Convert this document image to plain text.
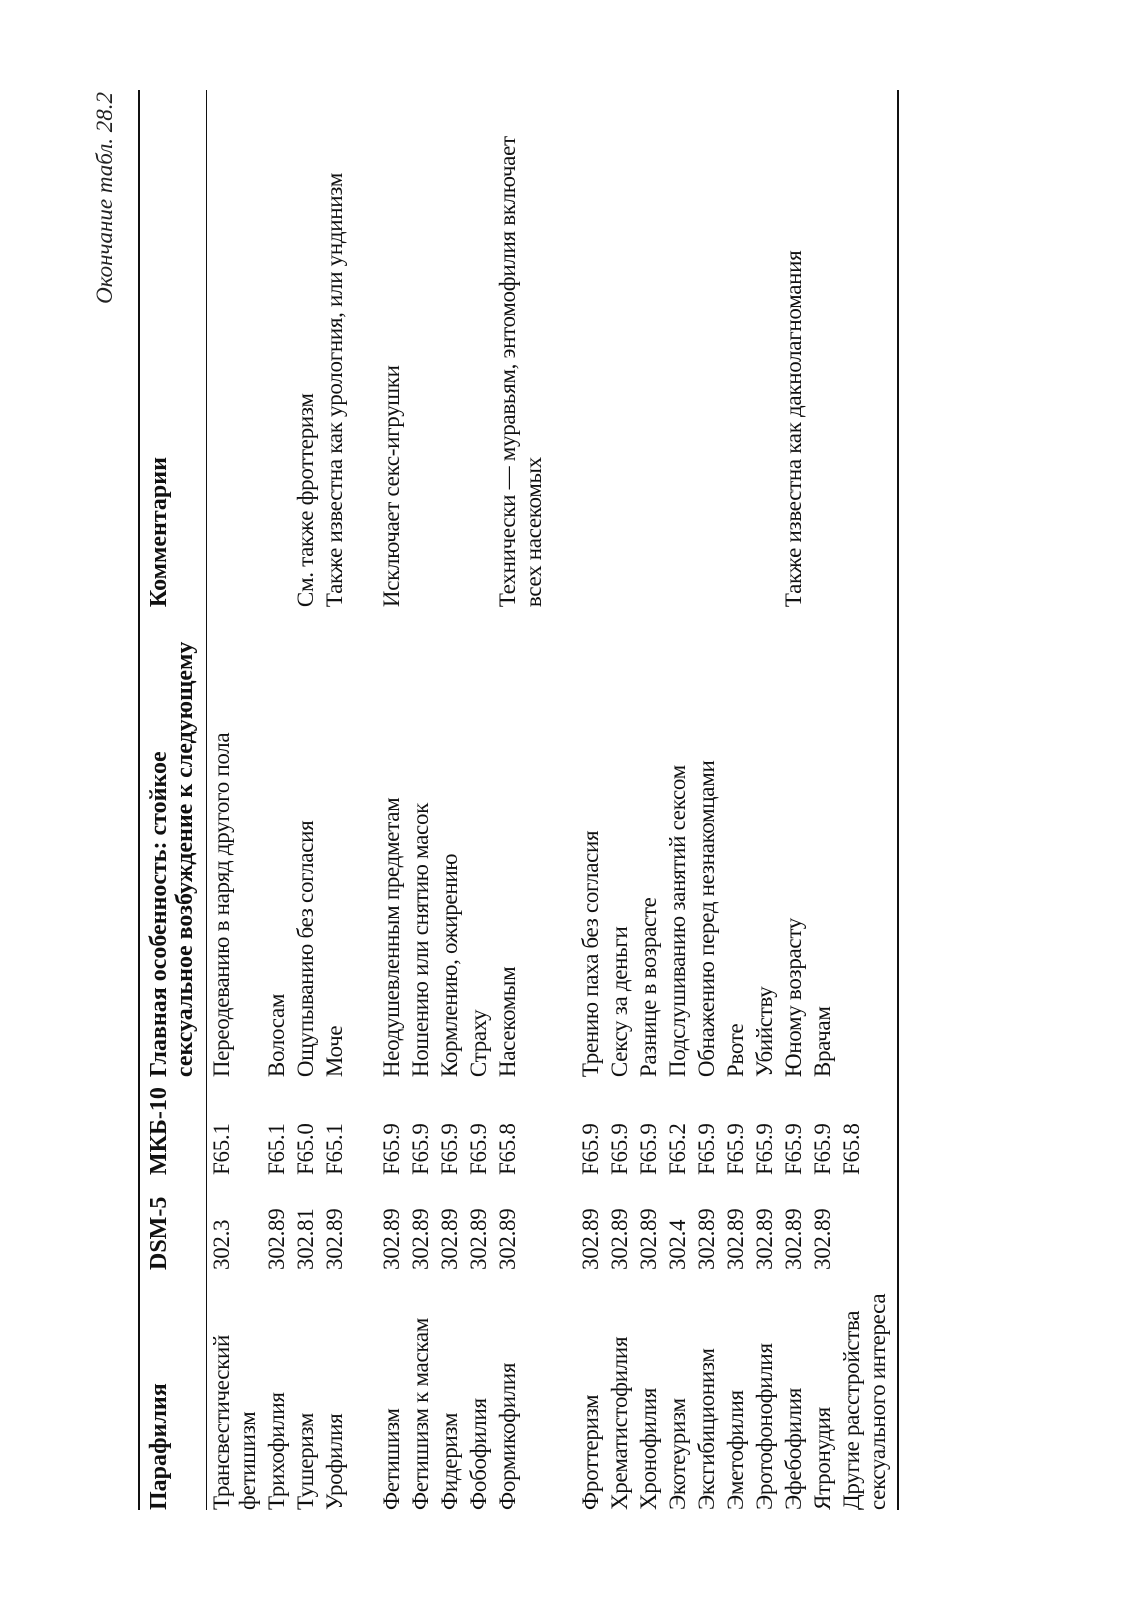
Окончание табл. 28.2
Парафилия	DSM-5	МКБ-10	Главная особенность: стойкое сексуальное возбуждение к следующему	Комментарии
Трансвестический фетишизм	302.3	F65.1	Переодеванию в наряд другого пола	
Трихофилия	302.89	F65.1	Волосам	
Тушеризм	302.81	F65.0	Ощупыванию без согласия	См. также фроттеризм
Урофилия	302.89	F65.1	Моче	Также известна как урологния, или ундинизм
Фетишизм	302.89	F65.9	Неодушевленным предметам	Исключает секс-игрушки
Фетишизм к маскам	302.89	F65.9	Ношению или снятию масок	
Фидеризм	302.89	F65.9	Кормлению, ожирению	
Фобофилия	302.89	F65.9	Страху	
Формикофилия	302.89	F65.8	Насекомым	Технически — муравьям, энтомофилия включает всех насекомых
Фроттеризм	302.89	F65.9	Трению паха без согласия	
Хрематистофилия	302.89	F65.9	Сексу за деньги	
Хронофилия	302.89	F65.9	Разнице в возрасте	
Экотеуризм	302.4	F65.2	Подслушиванию занятий сексом	
Эксгибиционизм	302.89	F65.9	Обнажению перед незнакомцами	
Эметофилия	302.89	F65.9	Рвоте	
Эротофонофилия	302.89	F65.9	Убийству	
Эфебофилия	302.89	F65.9	Юному возрасту	Также известна как дакнолагномания
Ятронудия	302.89	F65.9	Врачам	
Другие расстройства сексуального интереса		F65.8		
